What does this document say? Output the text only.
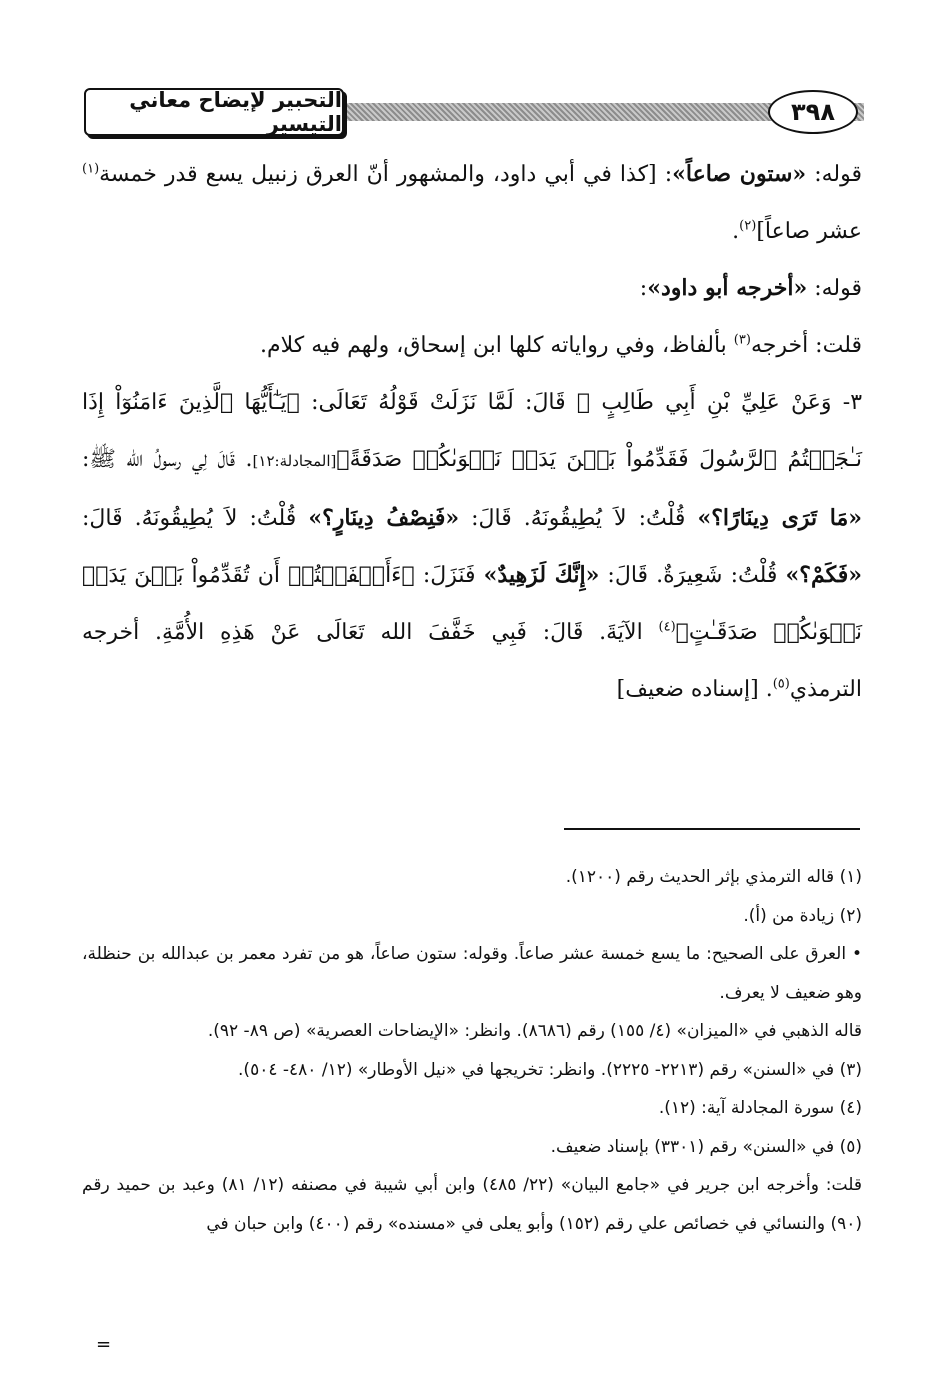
التحبير لإيضاح معاني التيسير	٣٩٨

قوله: «ستون صاعاً»: [كذا في أبي داود، والمشهور أنّ العرق زنبيل يسع قدر خمسة$^{(١)}$ عشر صاعاً]$^{(٢)}$.

قوله: «أخرجه أبو داود»:

قلت: أخرجه$^{(٣)}$ بألفاظ، وفي رواياته كلها ابن إسحاق، ولهم فيه كلام.

٣- وَعَنْ عَلِيِّ بْنِ أَبِي طَالِبٍ ﷺ قَالَ: لَمَّا نَزَلَتْ قَوْلُهُ تَعَالَى: ﴿يَـٰٓأَيُّهَا ٱلَّذِينَ ءَامَنُوٓاْ إِذَا نَـٰجَيۡتُمُ ٱلرَّسُولَ فَقَدِّمُواْ بَيۡنَ يَدَيۡ نَجۡوَىٰكُمۡ صَدَقَةً﴾[المجادلة:١٢]. قَالَ لِي رسولُ الله ﷺ: «مَا تَرَى دِينَارًا؟» قُلْتُ: لاَ يُطِيقُونَهُ. قَالَ: «فَنِصْفُ دِينَارٍ؟» قُلْتُ: لاَ يُطِيقُونَهُ. قَالَ: «فَكَمْ؟» قُلْتُ: شَعِيرَةٌ. قَالَ: «إِنَّكَ لَزَهِيدٌ» فَنَزَلَ: ﴿ءَأَشۡفَقۡتُمۡ أَن تُقَدِّمُواْ بَيۡنَ يَدَيۡ نَجۡوَىٰكُمۡ صَدَقَـٰتٍ﴾$^{(٤)}$ الآيَةَ. قَالَ: فَبِي خَفَّفَ الله تَعَالَى عَنْ هَذِهِ الأُمَّةِ. أخرجه الترمذي$^{(٥)}$. [إسناده ضعيف]

(١) قاله الترمذي بإثر الحديث رقم (١٢٠٠).

(٢) زيادة من (أ).

• العرق على الصحيح: ما يسع خمسة عشر صاعاً. وقوله: ستون صاعاً، هو من تفرد معمر بن عبدالله بن حنظلة، وهو ضعيف لا يعرف.

قاله الذهبي في «الميزان» (٤/ ١٥٥) رقم (٨٦٨٦). وانظر: «الإيضاحات العصرية» (ص ٨٩- ٩٢).

(٣) في «السنن» رقم (٢٢١٣- ٢٢٢٥). وانظر: تخريجها في «نيل الأوطار» (١٢/ ٤٨٠- ٥٠٤).

(٤) سورة المجادلة آية: (١٢).

(٥) في «السنن» رقم (٣٣٠١) بإسناد ضعيف.

قلت: وأخرجه ابن جرير في «جامع البيان» (٢٢/ ٤٨٥) وابن أبي شيبة في مصنفه (١٢/ ٨١) وعبد بن حميد رقم (٩٠) والنسائي في خصائص علي رقم (١٥٢) وأبو يعلى في «مسنده» رقم (٤٠٠) وابن حبان في

=
